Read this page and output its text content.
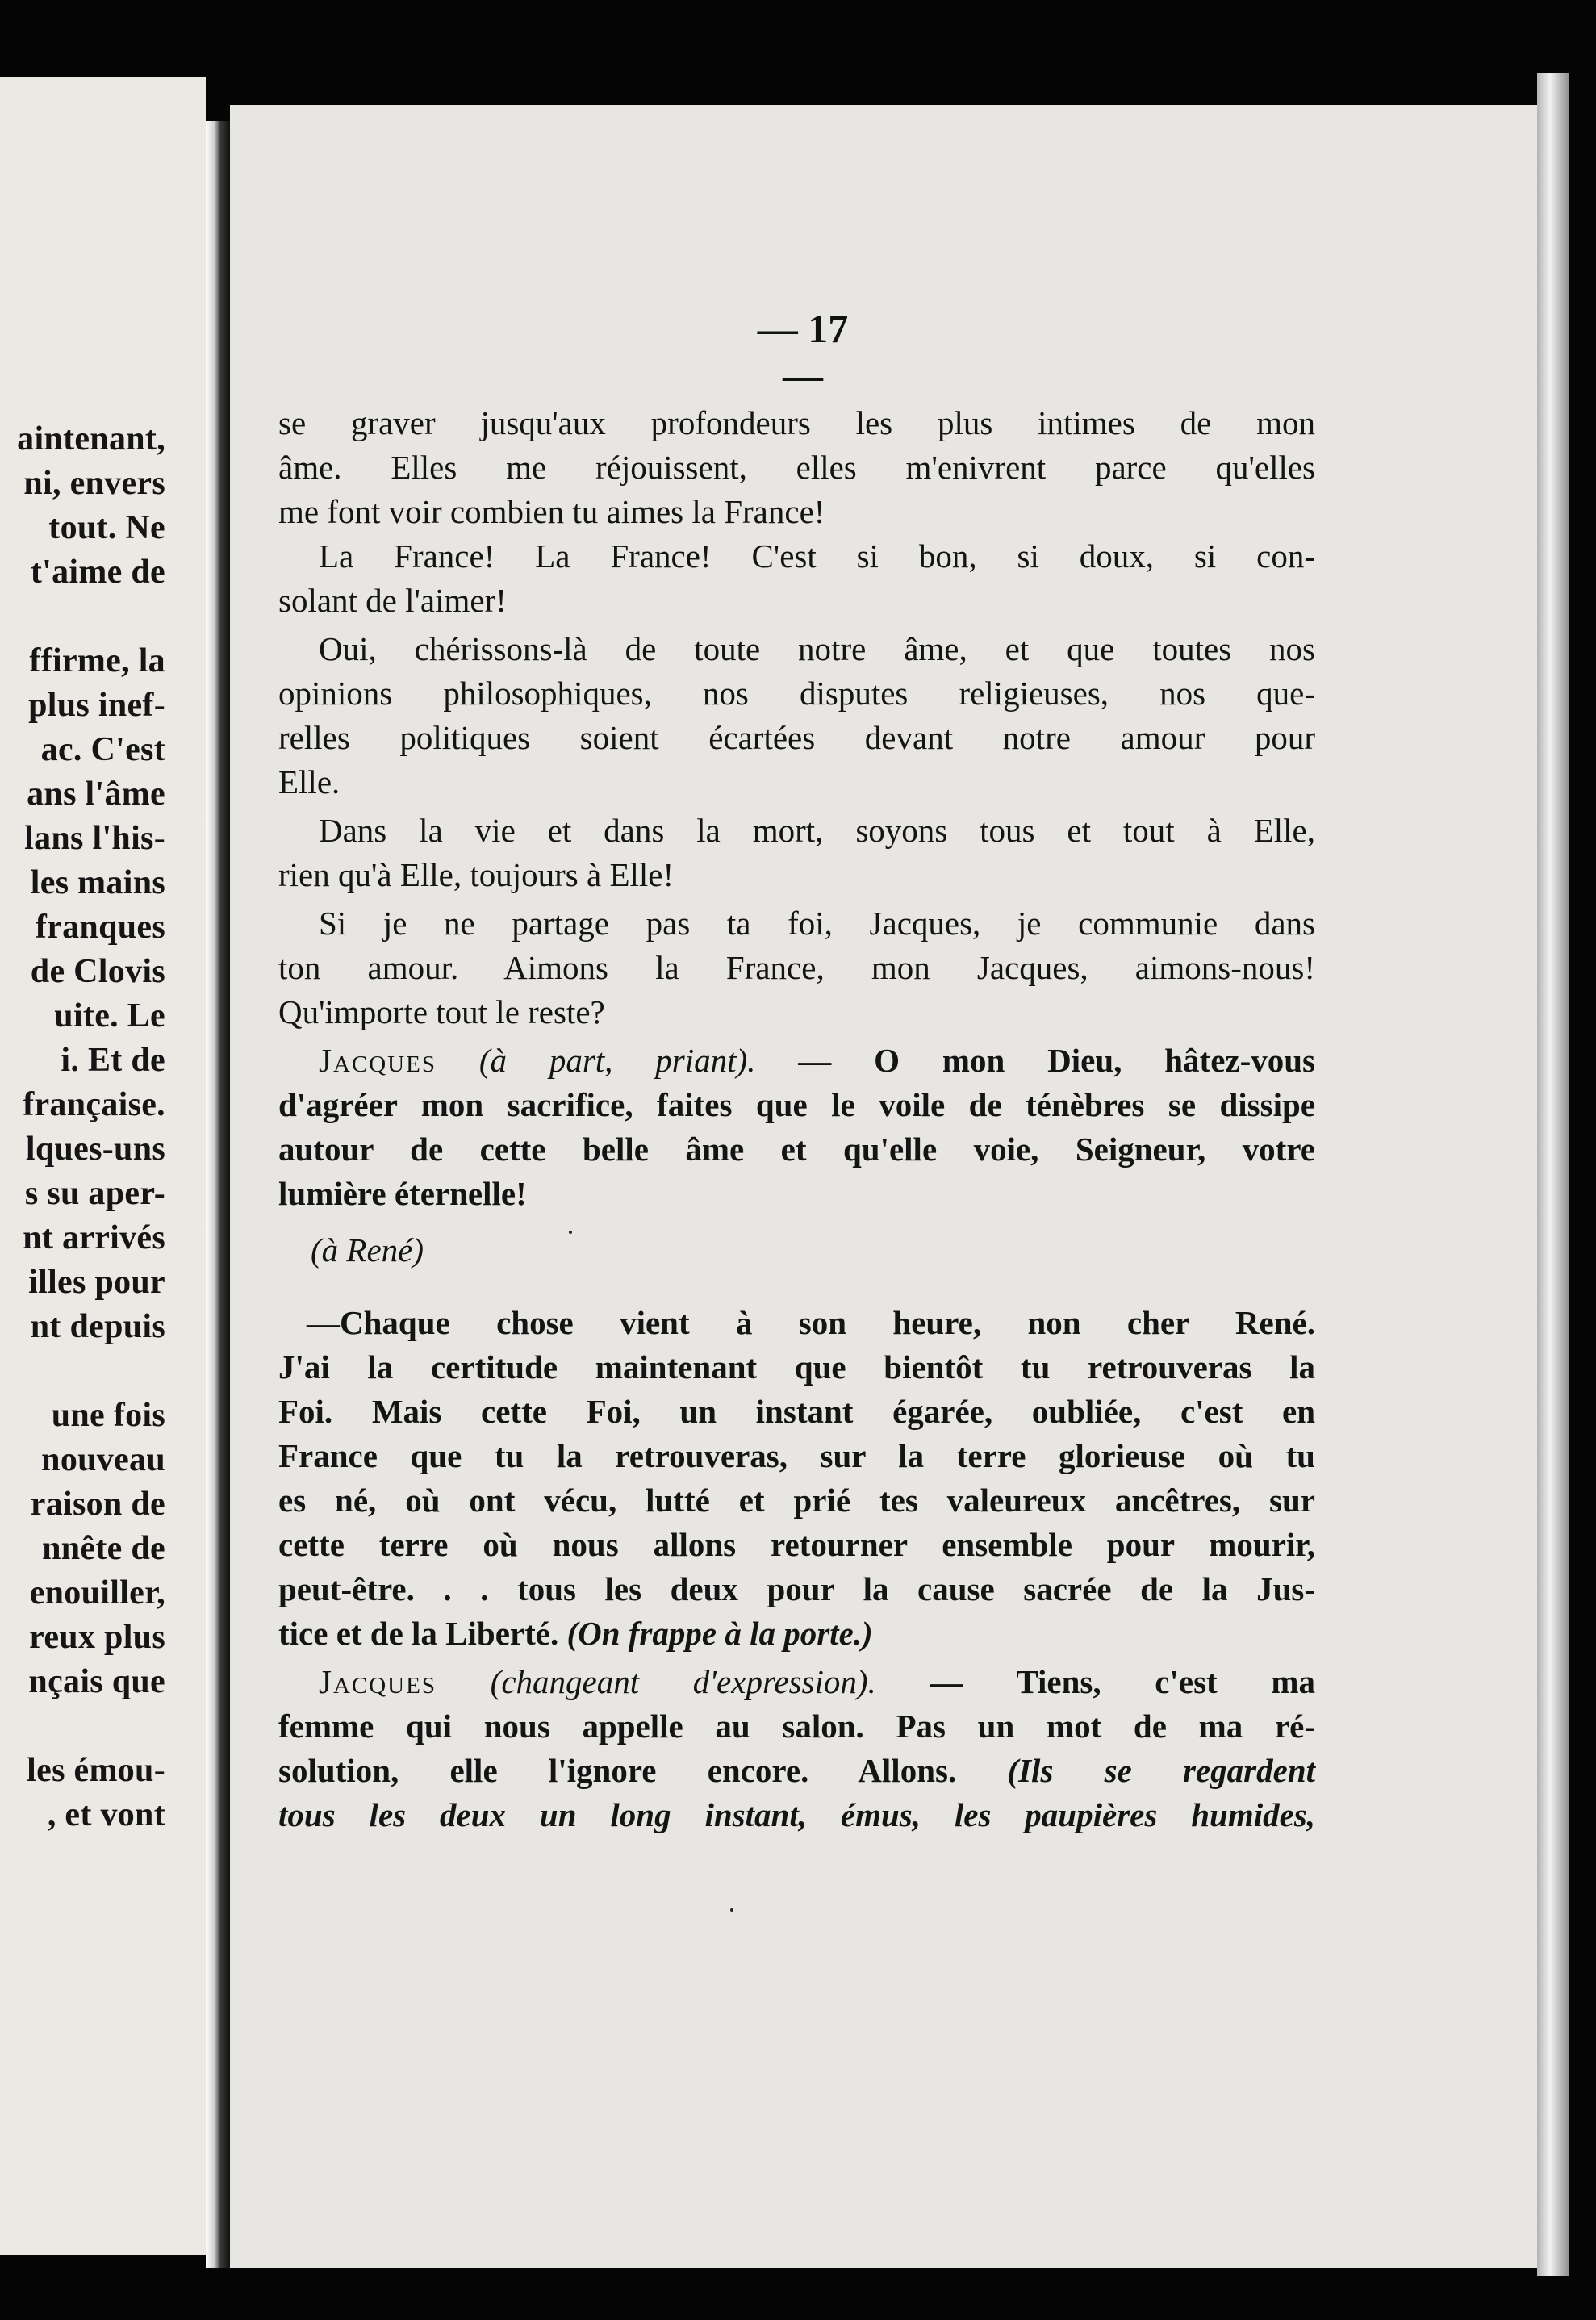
aintenant,
ni, envers
tout. Ne
t'aime de
ffirme, la
plus inef-
ac. C'est
ans l'âme
lans l'his-
les mains
franques
de Clovis
uite. Le
i. Et de
française.
lques-uns
s su aper-
nt arrivés
illes pour
nt depuis
une fois
nouveau
raison de
nnête de
enouiller,
reux plus
nçais que
les émou-
, et vont
— 17 —
se graver jusqu'aux profondeurs les plus intimes de mon
âme. Elles me réjouissent, elles m'enivrent parce qu'elles
me font voir combien tu aimes la France!
La France! La France! C'est si bon, si doux, si con-
solant de l'aimer!
Oui, chérissons-là de toute notre âme, et que toutes nos
opinions philosophiques, nos disputes religieuses, nos que-
relles politiques soient écartées devant notre amour pour
Elle.
Dans la vie et dans la mort, soyons tous et tout à Elle,
rien qu'à Elle, toujours à Elle!
Si je ne partage pas ta foi, Jacques, je communie dans
ton amour. Aimons la France, mon Jacques, aimons-nous!
Qu'importe tout le reste?
Jacques (à part, priant). — O mon Dieu, hâtez-vous
d'agréer mon sacrifice, faites que le voile de ténèbres se dissipe
autour de cette belle âme et qu'elle voie, Seigneur, votre
lumière éternelle!
(à René)
—Chaque chose vient à son heure, non cher René.
J'ai la certitude maintenant que bientôt tu retrouveras la
Foi. Mais cette Foi, un instant égarée, oubliée, c'est en
France que tu la retrouveras, sur la terre glorieuse où tu
es né, où ont vécu, lutté et prié tes valeureux ancêtres, sur
cette terre où nous allons retourner ensemble pour mourir,
peut-être. . . tous les deux pour la cause sacrée de la Jus-
tice et de la Liberté. (On frappe à la porte.)
Jacques (changeant d'expression). — Tiens, c'est ma
femme qui nous appelle au salon. Pas un mot de ma ré-
solution, elle l'ignore encore. Allons. (Ils se regardent
tous les deux un long instant, émus, les paupières humides,
